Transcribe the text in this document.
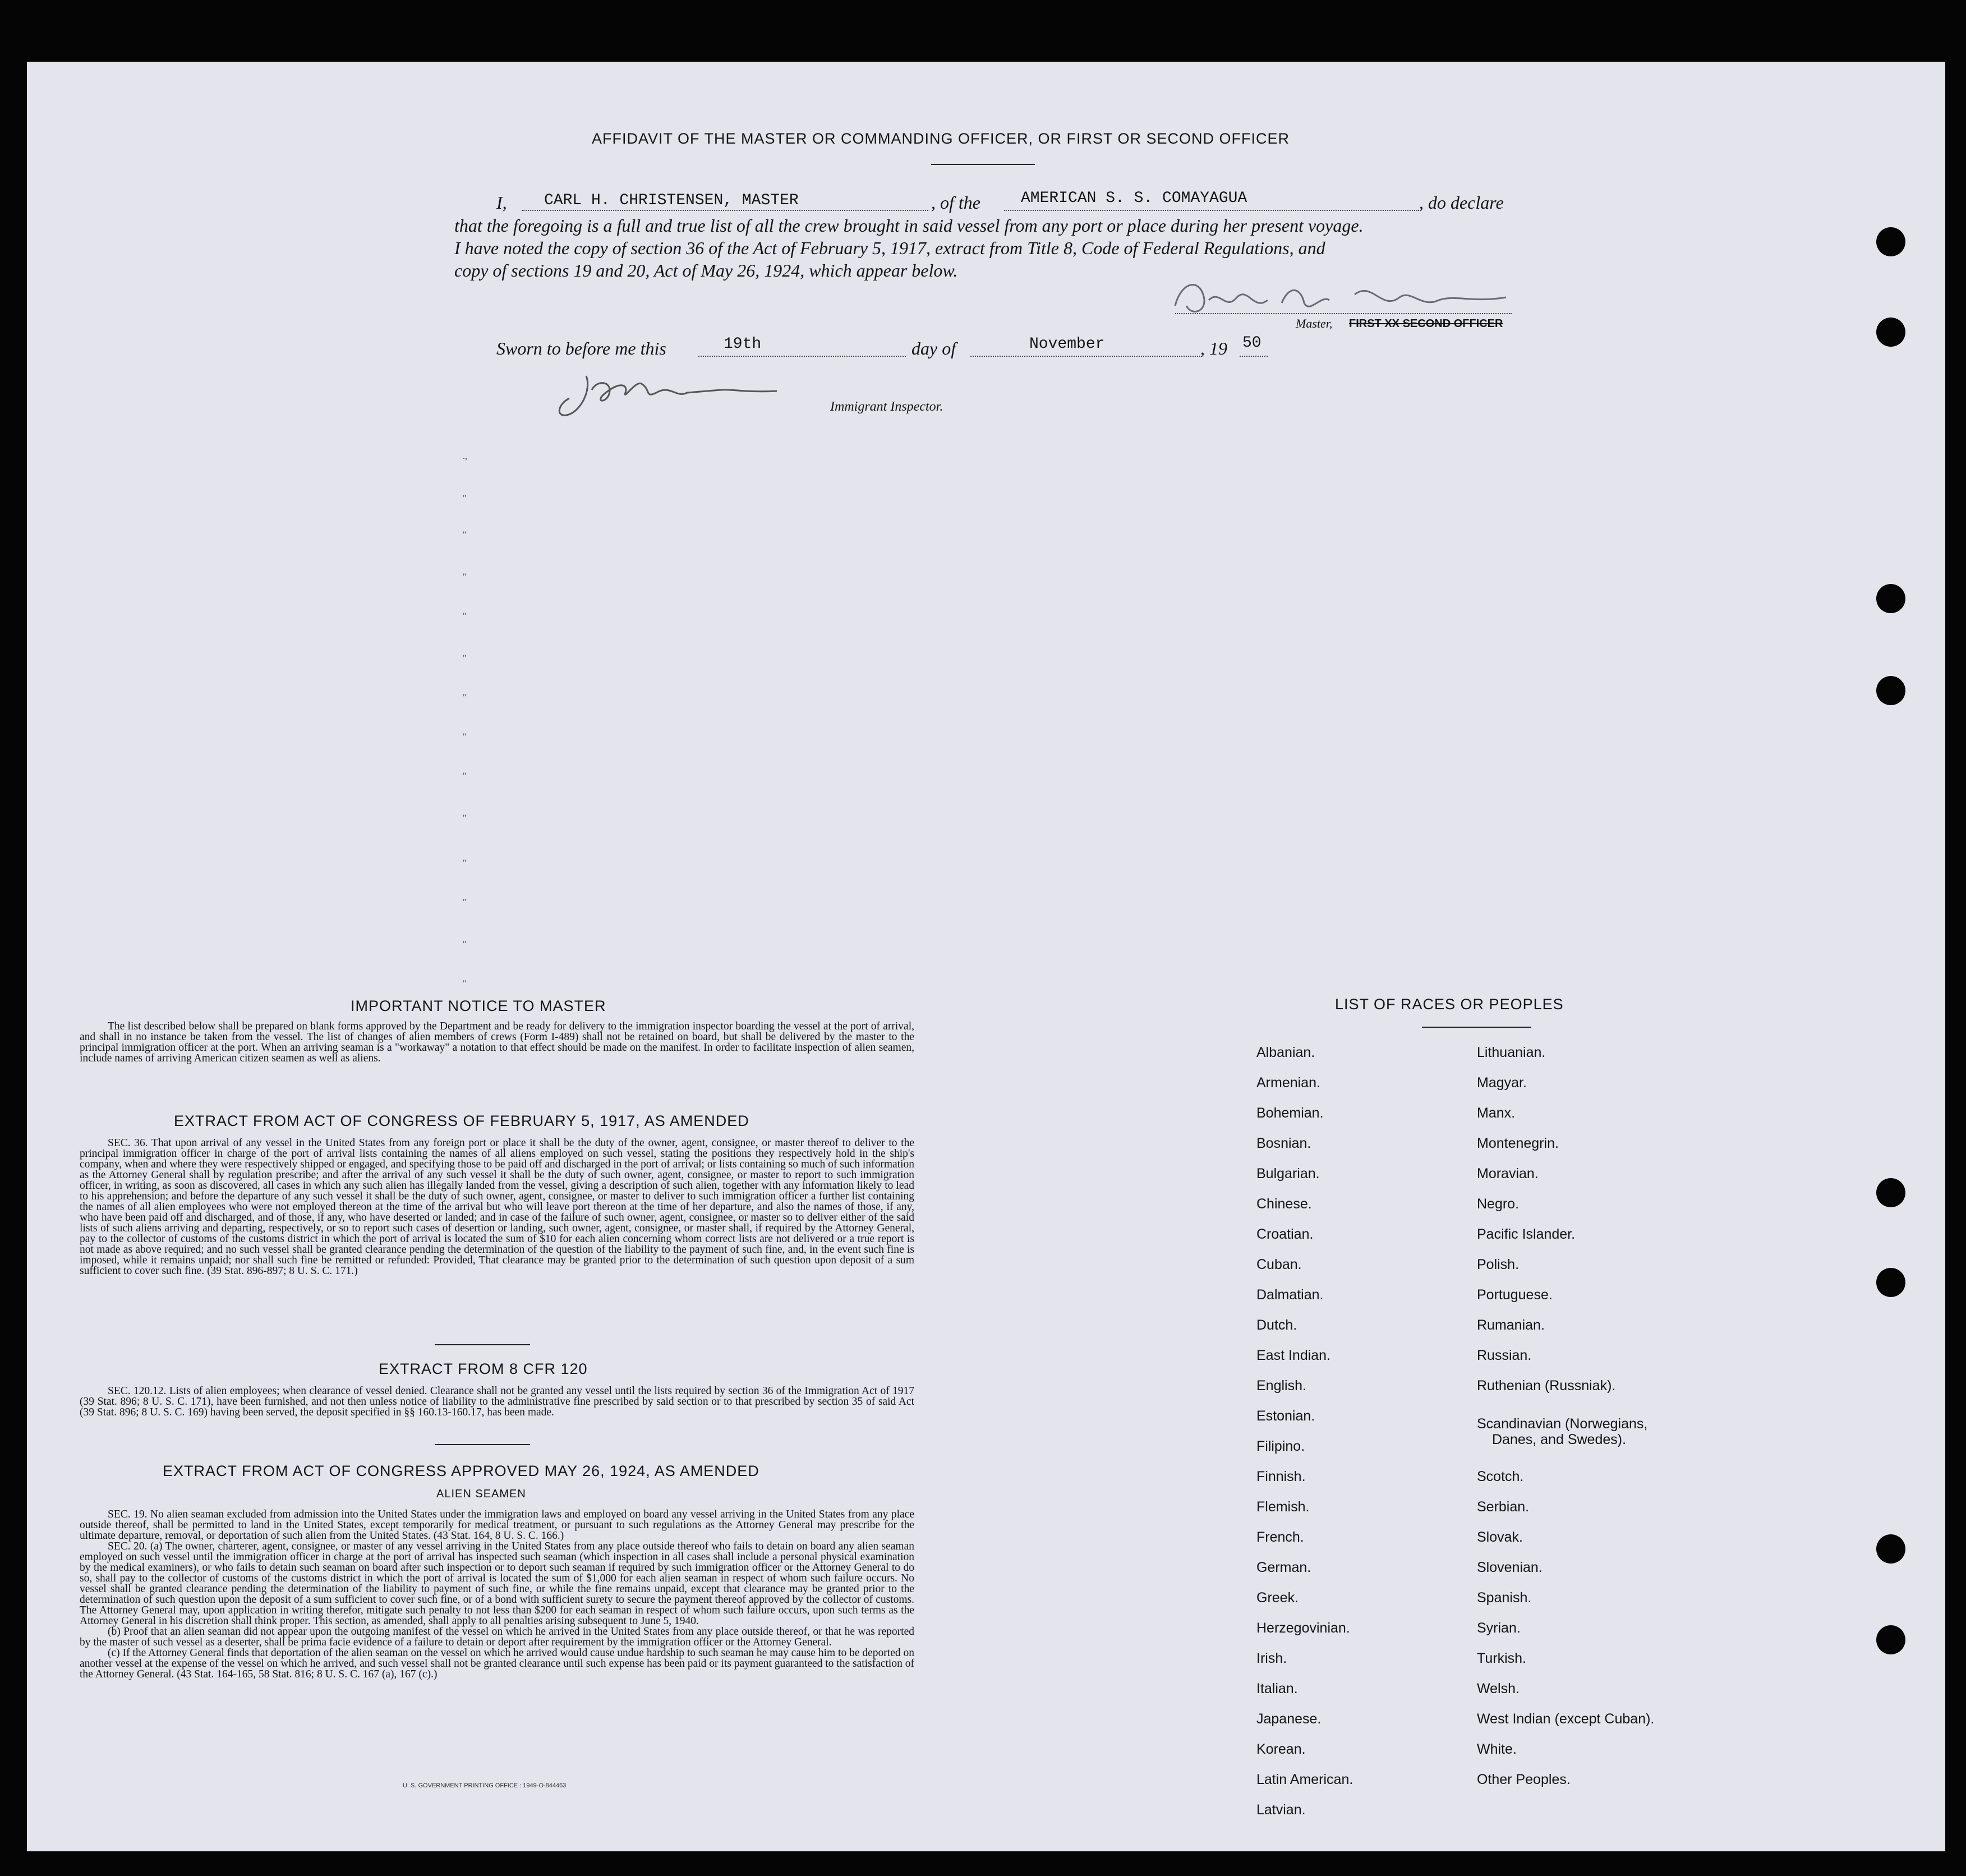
AFFIDAVIT OF THE MASTER OR COMMANDING OFFICER, OR FIRST OR SECOND OFFICER
I,	CARL H. CHRISTENSEN, MASTER	, of the	AMERICAN S. S. COMAYAGUA	, do declare
that the foregoing is a full and true list of all the crew brought in said vessel from any port or place during her present voyage.
I have noted the copy of section 36 of the Act of February 5, 1917, extract from Title 8, Code of Federal Regulations, and
copy of sections 19 and 20, Act of May 26, 1924, which appear below.
Master, FIRST XX SECOND OFFICER
Sworn to before me this	19th	day of	November	, 19 50
Immigrant Inspector.
.,
"
"
"
"
"
"
"
"
"
"
"
"
"
IMPORTANT NOTICE TO MASTER
The list described below shall be prepared on blank forms approved by the Department and be ready for delivery to the immigration inspector boarding the vessel at the port of arrival, and shall in no instance be taken from the vessel. The list of changes of alien members of crews (Form I-489) shall not be retained on board, but shall be delivered by the master to the principal immigration officer at the port. When an arriving seaman is a "workaway" a notation to that effect should be made on the manifest. In order to facilitate inspection of alien seamen, include names of arriving American citizen seamen as well as aliens.
EXTRACT FROM ACT OF CONGRESS OF FEBRUARY 5, 1917, AS AMENDED
SEC. 36. That upon arrival of any vessel in the United States from any foreign port or place it shall be the duty of the owner, agent, consignee, or master thereof to deliver to the principal immigration officer in charge of the port of arrival lists containing the names of all aliens employed on such vessel, stating the positions they respectively hold in the ship's company, when and where they were respectively shipped or engaged, and specifying those to be paid off and discharged in the port of arrival; or lists containing so much of such information as the Attorney General shall by regulation prescribe; and after the arrival of any such vessel it shall be the duty of such owner, agent, consignee, or master to report to such immigration officer, in writing, as soon as discovered, all cases in which any such alien has illegally landed from the vessel, giving a description of such alien, together with any information likely to lead to his apprehension; and before the departure of any such vessel it shall be the duty of such owner, agent, consignee, or master to deliver to such immigration officer a further list containing the names of all alien employees who were not employed thereon at the time of the arrival but who will leave port thereon at the time of her departure, and also the names of those, if any, who have been paid off and discharged, and of those, if any, who have deserted or landed; and in case of the failure of such owner, agent, consignee, or master so to deliver either of the said lists of such aliens arriving and departing, respectively, or so to report such cases of desertion or landing, such owner, agent, consignee, or master shall, if required by the Attorney General, pay to the collector of customs of the customs district in which the port of arrival is located the sum of $10 for each alien concerning whom correct lists are not delivered or a true report is not made as above required; and no such vessel shall be granted clearance pending the determination of the question of the liability to the payment of such fine, and, in the event such fine is imposed, while it remains unpaid; nor shall such fine be remitted or refunded: Provided, That clearance may be granted prior to the determination of such question upon deposit of a sum sufficient to cover such fine. (39 Stat. 896-897; 8 U. S. C. 171.)
EXTRACT FROM 8 CFR 120
SEC. 120.12. Lists of alien employees; when clearance of vessel denied. Clearance shall not be granted any vessel until the lists required by section 36 of the Immigration Act of 1917 (39 Stat. 896; 8 U. S. C. 171), have been furnished, and not then unless notice of liability to the administrative fine prescribed by said section or to that prescribed by section 35 of said Act (39 Stat. 896; 8 U. S. C. 169) having been served, the deposit specified in §§ 160.13-160.17, has been made.
EXTRACT FROM ACT OF CONGRESS APPROVED MAY 26, 1924, AS AMENDED
ALIEN SEAMEN
SEC. 19. No alien seaman excluded from admission into the United States under the immigration laws and employed on board any vessel arriving in the United States from any place outside thereof, shall be permitted to land in the United States, except temporarily for medical treatment, or pursuant to such regulations as the Attorney General may prescribe for the ultimate departure, removal, or deportation of such alien from the United States. (43 Stat. 164, 8 U. S. C. 166.)
SEC. 20. (a) The owner, charterer, agent, consignee, or master of any vessel arriving in the United States from any place outside thereof who fails to detain on board any alien seaman employed on such vessel until the immigration officer in charge at the port of arrival has inspected such seaman (which inspection in all cases shall include a personal physical examination by the medical examiners), or who fails to detain such seaman on board after such inspection or to deport such seaman if required by such immigration officer or the Attorney General to do so, shall pay to the collector of customs of the customs district in which the port of arrival is located the sum of $1,000 for each alien seaman in respect of whom such failure occurs. No vessel shall be granted clearance pending the determination of the liability to payment of such fine, or while the fine remains unpaid, except that clearance may be granted prior to the determination of such question upon the deposit of a sum sufficient to cover such fine, or of a bond with sufficient surety to secure the payment thereof approved by the collector of customs. The Attorney General may, upon application in writing therefor, mitigate such penalty to not less than $200 for each seaman in respect of whom such failure occurs, upon such terms as the Attorney General in his discretion shall think proper. This section, as amended, shall apply to all penalties arising subsequent to June 5, 1940.
(b) Proof that an alien seaman did not appear upon the outgoing manifest of the vessel on which he arrived in the United States from any place outside thereof, or that he was reported by the master of such vessel as a deserter, shall be prima facie evidence of a failure to detain or deport after requirement by the immigration officer or the Attorney General.
(c) If the Attorney General finds that deportation of the alien seaman on the vessel on which he arrived would cause undue hardship to such seaman he may cause him to be deported on another vessel at the expense of the vessel on which he arrived, and such vessel shall not be granted clearance until such expense has been paid or its payment guaranteed to the satisfaction of the Attorney General. (43 Stat. 164-165, 58 Stat. 816; 8 U. S. C. 167 (a), 167 (c).)
U. S. GOVERNMENT PRINTING OFFICE : 1949-O-844463
LIST OF RACES OR PEOPLES
Albanian.
Armenian.
Bohemian.
Bosnian.
Bulgarian.
Chinese.
Croatian.
Cuban.
Dalmatian.
Dutch.
East Indian.
English.
Estonian.
Filipino.
Finnish.
Flemish.
French.
German.
Greek.
Herzegovinian.
Irish.
Italian.
Japanese.
Korean.
Latin American.
Latvian.
Lithuanian.
Magyar.
Manx.
Montenegrin.
Moravian.
Negro.
Pacific Islander.
Polish.
Portuguese.
Rumanian.
Russian.
Ruthenian (Russniak).
Scandinavian (Norwegians,
Danes, and Swedes).
Scotch.
Serbian.
Slovak.
Slovenian.
Spanish.
Syrian.
Turkish.
Welsh.
West Indian (except Cuban).
White.
Other Peoples.
